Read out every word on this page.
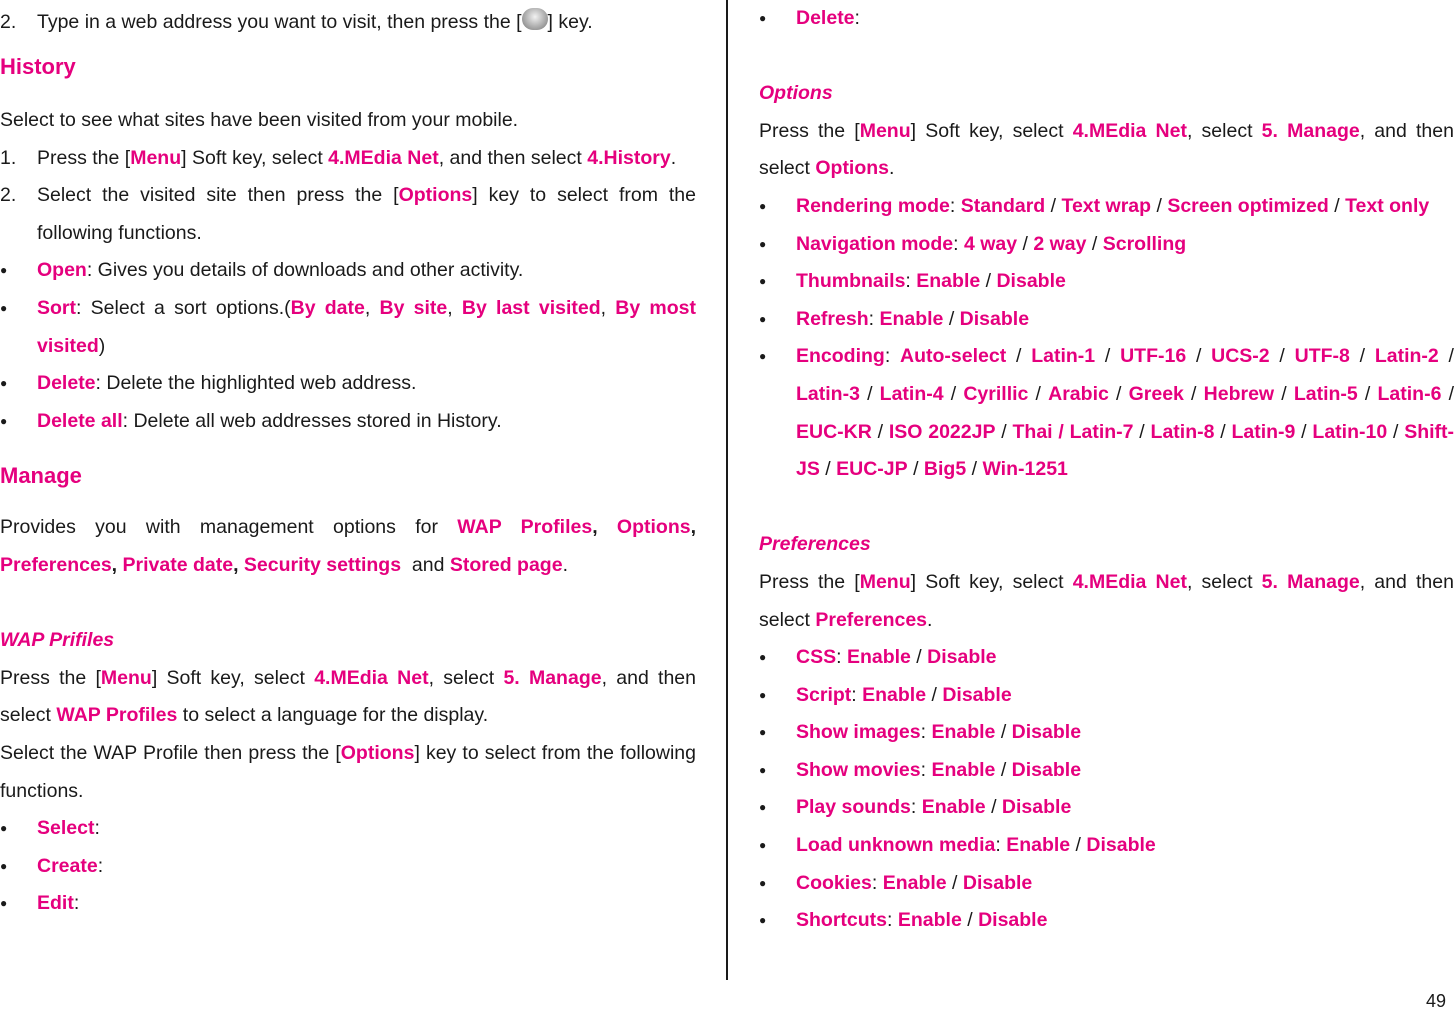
2.	Type in a web address you want to visit, then press the [ ] key.

History

Select to see what sites have been visited from your mobile.

1.	Press the [Menu] Soft key, select 4.MEdia Net, and then select 4.History.

2.	Select the visited site then press the [Options] key to select from the following functions.

●	Open: Gives you details of downloads and other activity.

●	Sort: Select a sort options.(By date, By site, By last visited, By most visited)

●	Delete: Delete the highlighted web address.

●	Delete all: Delete all web addresses stored in History.

Manage

Provides you with management options for WAP Profiles, Options, Preferences, Private date, Security settings and Stored page.

WAP Prifiles

Press the [Menu] Soft key, select 4.MEdia Net, select 5. Manage, and then select WAP Profiles to select a language for the display.

Select the WAP Profile then press the [Options] key to select from the following functions.

●	Select:

●	Create:

●	Edit:

●	Delete:

Options

Press the [Menu] Soft key, select 4.MEdia Net, select 5. Manage, and then select Options.

●	Rendering mode: Standard / Text wrap / Screen optimized / Text only

●	Navigation mode: 4 way / 2 way / Scrolling

●	Thumbnails: Enable / Disable

●	Refresh: Enable / Disable

●	Encoding: Auto-select / Latin-1 / UTF-16 / UCS-2 / UTF-8 / Latin-2 / Latin-3 / Latin-4 / Cyrillic / Arabic / Greek / Hebrew / Latin-5 / Latin-6 / EUC-KR / ISO 2022JP / Thai / Latin-7 / Latin-8 / Latin-9 / Latin-10 / Shift-JS / EUC-JP / Big5 / Win-1251

Preferences

Press the [Menu] Soft key, select 4.MEdia Net, select 5. Manage, and then select Preferences.

●	CSS: Enable / Disable

●	Script: Enable / Disable

●	Show images: Enable / Disable

●	Show movies: Enable / Disable

●	Play sounds: Enable / Disable

●	Load unknown media: Enable / Disable

●	Cookies: Enable / Disable

●	Shortcuts: Enable / Disable

49
